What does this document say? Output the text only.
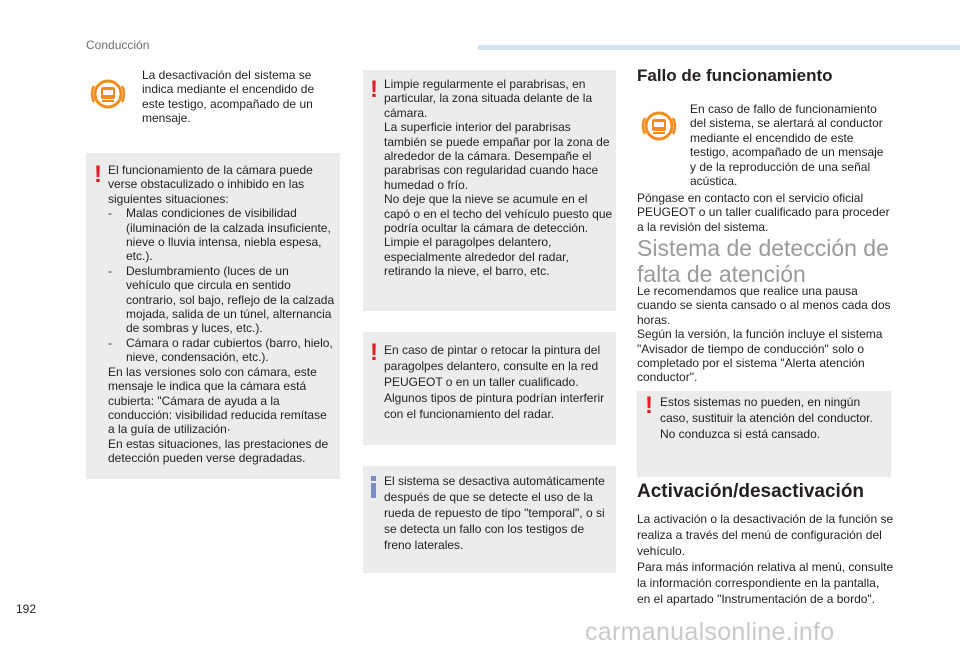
Conducción
La desactivación del sistema se indica mediante el encendido de este testigo, acompañado de un mensaje.
! El funcionamiento de la cámara puede verse obstaculizado o inhibido en las siguientes situaciones:

- Malas condiciones de visibilidad (iluminación de la calzada insuficiente, nieve o lluvia intensa, niebla espesa, etc.).
- Deslumbramiento (luces de un vehículo que circula en sentido contrario, sol bajo, reflejo de la calzada mojada, salida de un túnel, alternancia de sombras y luces, etc.).
- Cámara o radar cubiertos (barro, hielo, nieve, condensación, etc.).

En las versiones solo con cámara, este mensaje le indica que la cámara está cubierta: "Cámara de ayuda a la conducción: visibilidad reducida remítase a la guía de utilización·

En estas situaciones, las prestaciones de detección pueden verse degradadas.

! Limpie regularmente el parabrisas, en particular, la zona situada delante de la cámara.

La superficie interior del parabrisas también se puede empañar por la zona de alrededor de la cámara. Desempañe el parabrisas con regularidad cuando hace humedad o frío.

No deje que la nieve se acumule en el capó o en el techo del vehículo puesto que podría ocultar la cámara de detección.

Limpie el paragolpes delantero, especialmente alrededor del radar, retirando la nieve, el barro, etc.

! En caso de pintar o retocar la pintura del paragolpes delantero, consulte en la red PEUGEOT o en un taller cualificado.

Algunos tipos de pintura podrían interferir con el funcionamiento del radar.

El sistema se desactiva automáticamente después de que se detecte el uso de la rueda de repuesto de tipo "temporal", o si se detecta un fallo con los testigos de freno laterales.

Fallo de funcionamiento
En caso de fallo de funcionamiento del sistema, se alertará al conductor mediante el encendido de este testigo, acompañado de un mensaje y de la reproducción de una señal acústica.
Póngase en contacto con el servicio oficial PEUGEOT o un taller cualificado para proceder a la revisión del sistema.
Sistema de detección de
falta de atención

Le recomendamos que realice una pausa cuando se sienta cansado o al menos cada dos horas.

Según la versión, la función incluye el sistema "Avisador de tiempo de conducción" solo o completado por el sistema "Alerta atención conductor".

! Estos sistemas no pueden, en ningún caso, sustituir la atención del conductor. No conduzca si está cansado.
Activación/desactivación

La activación o la desactivación de la función se realiza a través del menú de configuración del vehículo.

Para más información relativa al menú, consulte la información correspondiente en la pantalla, en el apartado "Instrumentación de a bordo".

192
carmanualsonline.info
